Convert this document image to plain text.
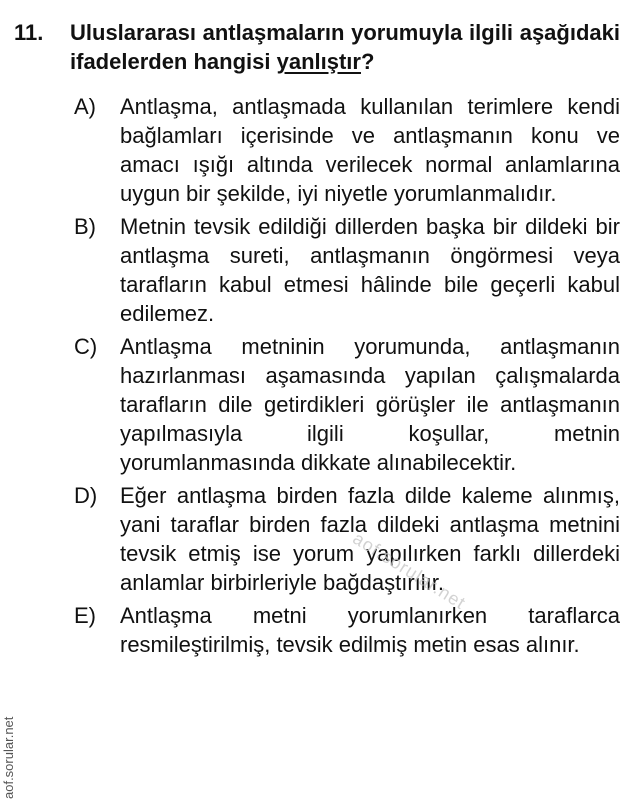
11.	Uluslararası antlaşmaların yorumuyla ilgili aşağıdaki ifadelerden hangisi yanlıştır?
A)	Antlaşma, antlaşmada kullanılan terimlere kendi bağlamları içerisinde ve antlaşmanın konu ve amacı ışığı altında verilecek normal anlamlarına uygun bir şekilde, iyi niyetle yorumlanmalıdır.
B)	Metnin tevsik edildiği dillerden başka bir dildeki bir antlaşma sureti, antlaşmanın öngörmesi veya tarafların kabul etmesi hâlinde bile geçerli kabul edilemez.
C)	Antlaşma metninin yorumunda, antlaşmanın hazırlanması aşamasında yapılan çalışmalarda tarafların dile getirdikleri görüşler ile antlaşmanın yapılmasıyla ilgili koşullar, metnin yorumlanmasında dikkate alınabilecektir.
D)	Eğer antlaşma birden fazla dilde kaleme alınmış, yani taraflar birden fazla dildeki antlaşma metnini tevsik etmiş ise yorum yapılırken farklı dillerdeki anlamlar birbirleriyle bağdaştırılır.
E)	Antlaşma metni yorumlanırken taraflarca resmileştirilmiş, tevsik edilmiş metin esas alınır.
aof.sorular.net
aof.sorular.net
